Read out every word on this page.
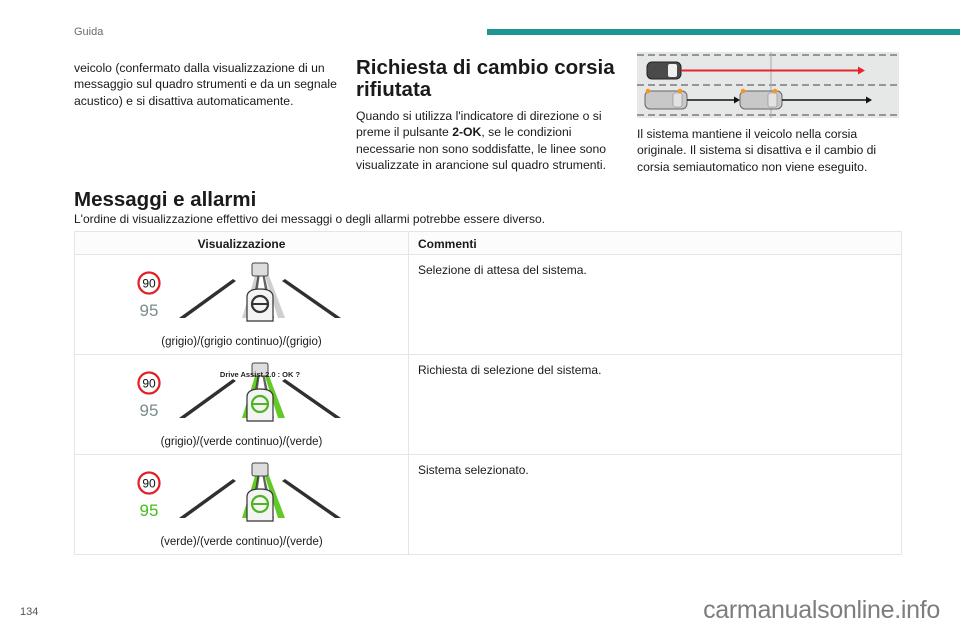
Guida
veicolo (confermato dalla visualizzazione di un messaggio sul quadro strumenti e da un segnale acustico) e si disattiva automaticamente.
Richiesta di cambio corsia rifiutata

Quando si utilizza l'indicatore di direzione o si preme il pulsante 2-OK, se le condizioni necessarie non sono soddisfatte, le linee sono visualizzate in arancione sul quadro strumenti.

Il sistema mantiene il veicolo nella corsia originale. Il sistema si disattiva e il cambio di corsia semiautomatico non viene eseguito.

Messaggi e allarmi
L'ordine di visualizzazione effettivo dei messaggi o degli allarmi potrebbe essere diverso.
Visualizzazione	Commenti

90
95
(grigio)/(grigio continuo)/(grigio)	Selezione di attesa del sistema.

90
95
Drive Assist 2.0 : OK ?
(grigio)/(verde continuo)/(verde)	Richiesta di selezione del sistema.

90
95
(verde)/(verde continuo)/(verde)	Sistema selezionato.
134	carmanualsonline.info
